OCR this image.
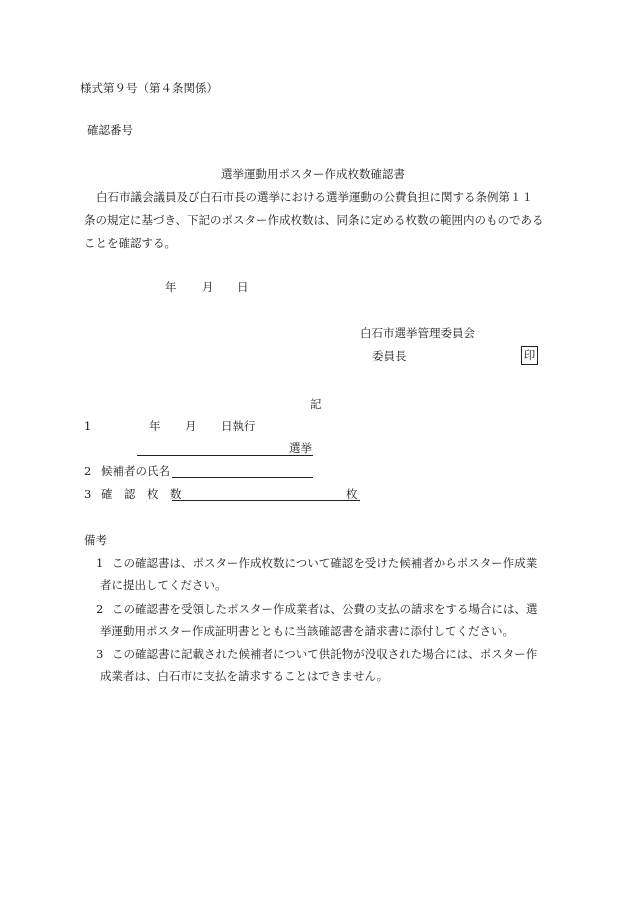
様式第９号（第４条関係）
確認番号
選挙運動用ポスター作成枚数確認書
白石市議会議員及び白石市長の選挙における選挙運動の公費負担に関する条例第１１
条の規定に基づき、下記のポスター作成枚数は、同条に定める枚数の範囲内のものである
ことを確認する。
年 月 日
白石市選挙管理委員会
委員長	印
記
1	年 月 日執行
選挙
2 候補者の氏名
3 確　認　枚　数	枚
備考
1 この確認書は、ポスター作成枚数について確認を受けた候補者からポスター作成業
者に提出してください。
2 この確認書を受領したポスター作成業者は、公費の支払の請求をする場合には、選
挙運動用ポスター作成証明書とともに当該確認書を請求書に添付してください。
3 この確認書に記載された候補者について供託物が没収された場合には、ポスター作
成業者は、白石市に支払を請求することはできません。
